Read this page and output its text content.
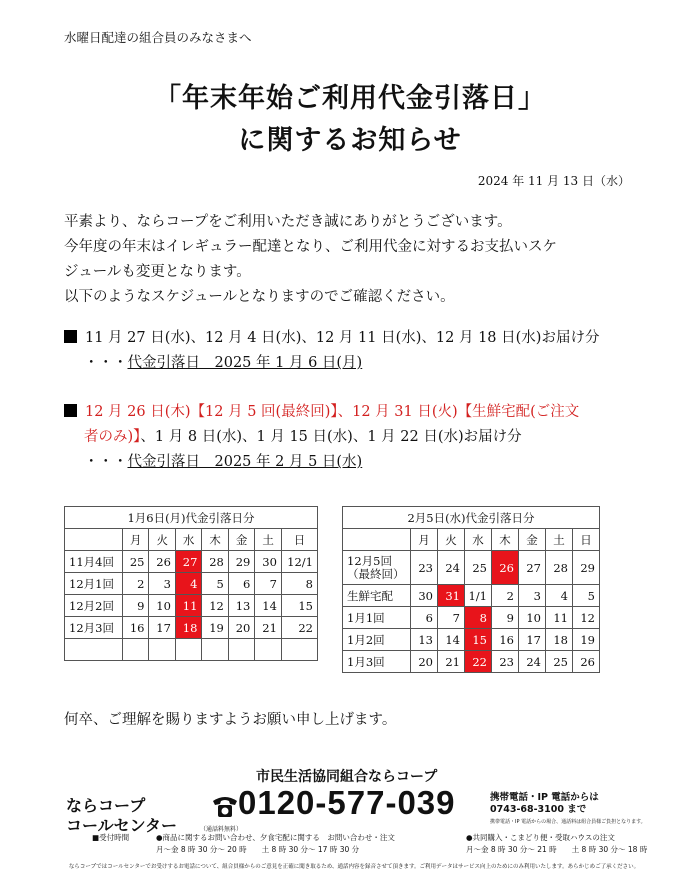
水曜日配達の組合員のみなさまへ
「年末年始ご利用代金引落日」
に関するお知らせ
2024 年 11 月 13 日（水）
平素より、ならコープをご利用いただき誠にありがとうございます。
今年度の年末はイレギュラー配達となり、ご利用代金に対するお支払いスケ
ジュールも変更となります。
以下のようなスケジュールとなりますのでご確認ください。
11 月 27 日(水)、12 月 4 日(水)、12 月 11 日(水)、12 月 18 日(水)お届け分
・・・代金引落日　2025 年 1 月 6 日(月)
12 月 26 日(木)【12 月 5 回(最終回)】、12 月 31 日(火)【生鮮宅配(ご注文
者のみ)】、1 月 8 日(水)、1 月 15 日(水)、1 月 22 日(水)お届け分
・・・代金引落日　2025 年 2 月 5 日(水)
1月6日(月)代金引落日分							
	月	火	水	木	金	土	日
11月4回	25	26	27	28	29	30	12/1
12月1回	2	3	4	5	6	7	8
12月2回	9	10	11	12	13	14	15
12月3回	16	17	18	19	20	21	22

2月5日(水)代金引落日分							
	月	火	水	木	金	土	日

12月5回
（最終回）	23	24	25	26	27	28	29
生鮮宅配	30	31	1/1	2	3	4	5
1月1回	6	7	8	9	10	11	12
1月2回	13	14	15	16	17	18	19
1月3回	20	21	22	23	24	25	26
何卒、ご理解を賜りますようお願い申し上げます。
市民生活協同組合ならコープ
ならコープ
コールセンター	（通話料無料）
0120-577-039	携帯電話・IP 電話からは
0743-68-3100 まで
携帯電話・IP 電話からの場合、通話料は組合員様ご負担となります。
■受付時間	●商品に関するお問い合わせ、夕食宅配に関する　お問い合わせ・注文	●共同購入・こまどり便・受取ハウスの注文
月～金 8 時 30 分～ 20 時　　土 8 時 30 分～ 17 時 30 分	月～金 8 時 30 分～ 21 時　　土 8 時 30 分～ 18 時
ならコープではコールセンターでお受けするお電話について、組合員様からのご意見を正確に聞き取るため、通話内容を録音させて頂きます。ご利用データはサービス向上のためにのみ利用いたします。あらかじめご了承ください。
